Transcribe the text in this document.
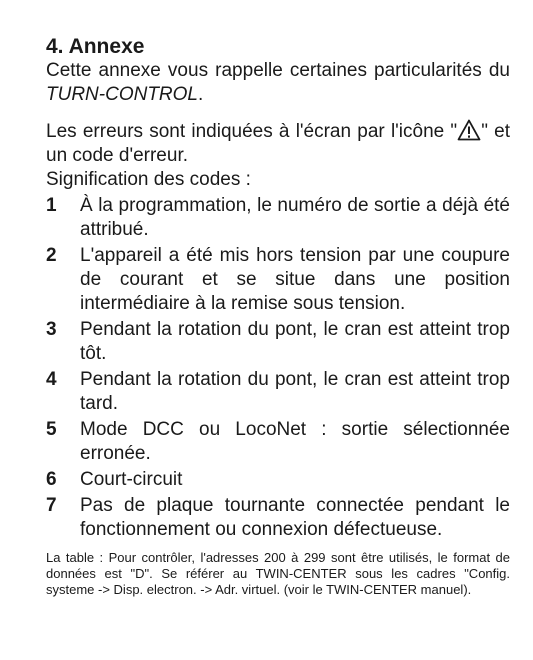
4. Annexe

Cette annexe vous rappelle certaines particularités du TURN-CONTROL.

Les erreurs sont indiquées à l'écran par l'icône " " et un code d'erreur.

Signification des codes :

1	À la programmation, le numéro de sortie a déjà été attribué.
2	L'appareil a été mis hors tension par une coupure de courant et se situe dans une position intermédiaire à la remise sous tension.
3	Pendant la rotation du pont, le cran est atteint trop tôt.
4	Pendant la rotation du pont, le cran est atteint trop tard.
5	Mode DCC ou LocoNet : sortie sélectionnée erronée.
6	Court-circuit
7	Pas de plaque tournante connectée pendant le fonctionnement ou connexion défectueuse.

La table : Pour contrôler, l'adresses 200 à 299 sont être utilisés, le format de données est "D". Se référer au TWIN-CENTER sous les cadres "Config. systeme -> Disp. electron. -> Adr. virtuel. (voir le TWIN-CENTER manuel).
